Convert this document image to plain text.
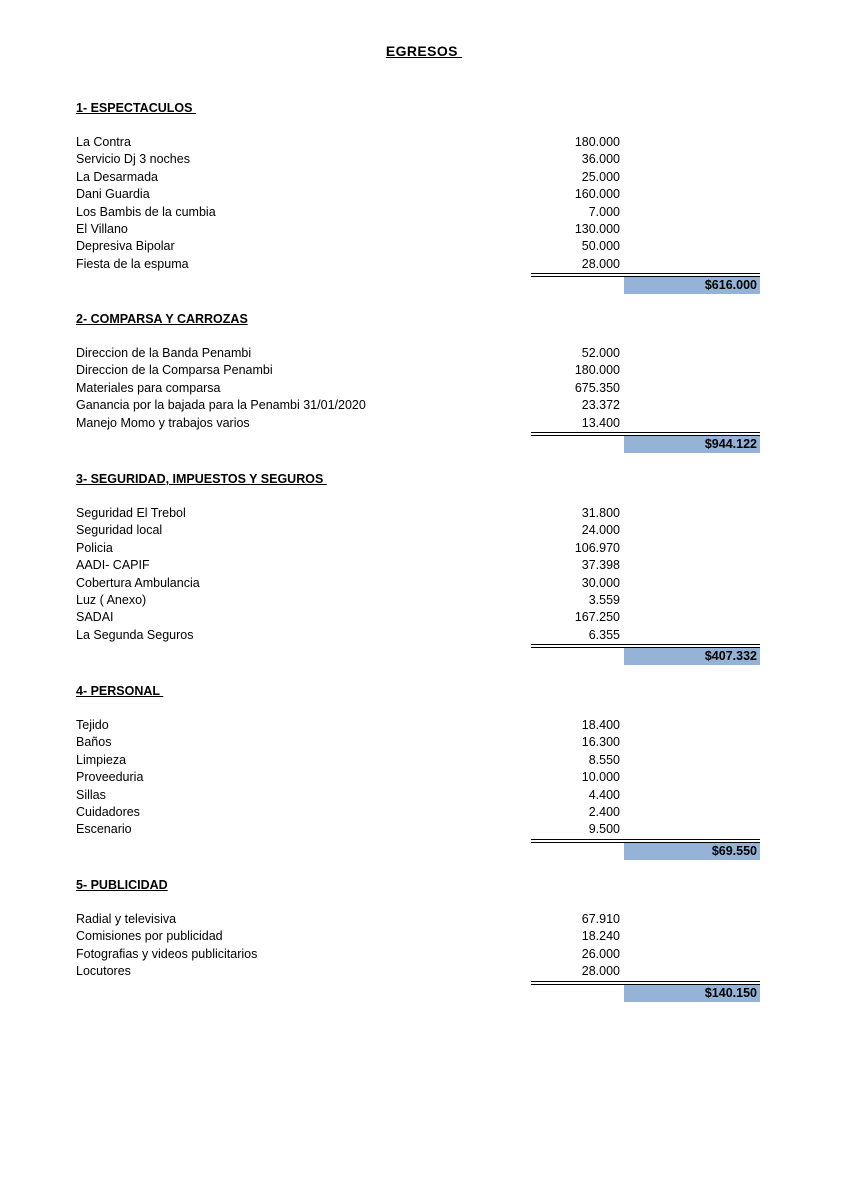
EGRESOS
1- ESPECTACULOS
La Contra	180.000
Servicio Dj 3 noches	36.000
La Desarmada	25.000
Dani Guardia	160.000
Los Bambis de la cumbia	7.000
El Villano	130.000
Depresiva Bipolar	50.000
Fiesta de la espuma	28.000
$616.000
2- COMPARSA Y CARROZAS
Direccion de la Banda Penambi	52.000
Direccion de la Comparsa Penambi	180.000
Materiales para comparsa	675.350
Ganancia por la bajada para la Penambi 31/01/2020	23.372
Manejo Momo y trabajos varios	13.400
$944.122
3- SEGURIDAD, IMPUESTOS Y SEGUROS
Seguridad El Trebol	31.800
Seguridad local	24.000
Policia	106.970
AADI- CAPIF	37.398
Cobertura Ambulancia	30.000
Luz ( Anexo)	3.559
SADAI	167.250
La Segunda Seguros	6.355
$407.332
4- PERSONAL
Tejido	18.400
Baños	16.300
Limpieza	8.550
Proveeduria	10.000
Sillas	4.400
Cuidadores	2.400
Escenario	9.500
$69.550
5- PUBLICIDAD
Radial y televisiva	67.910
Comisiones por publicidad	18.240
Fotografias y videos publicitarios	26.000
Locutores	28.000
$140.150
